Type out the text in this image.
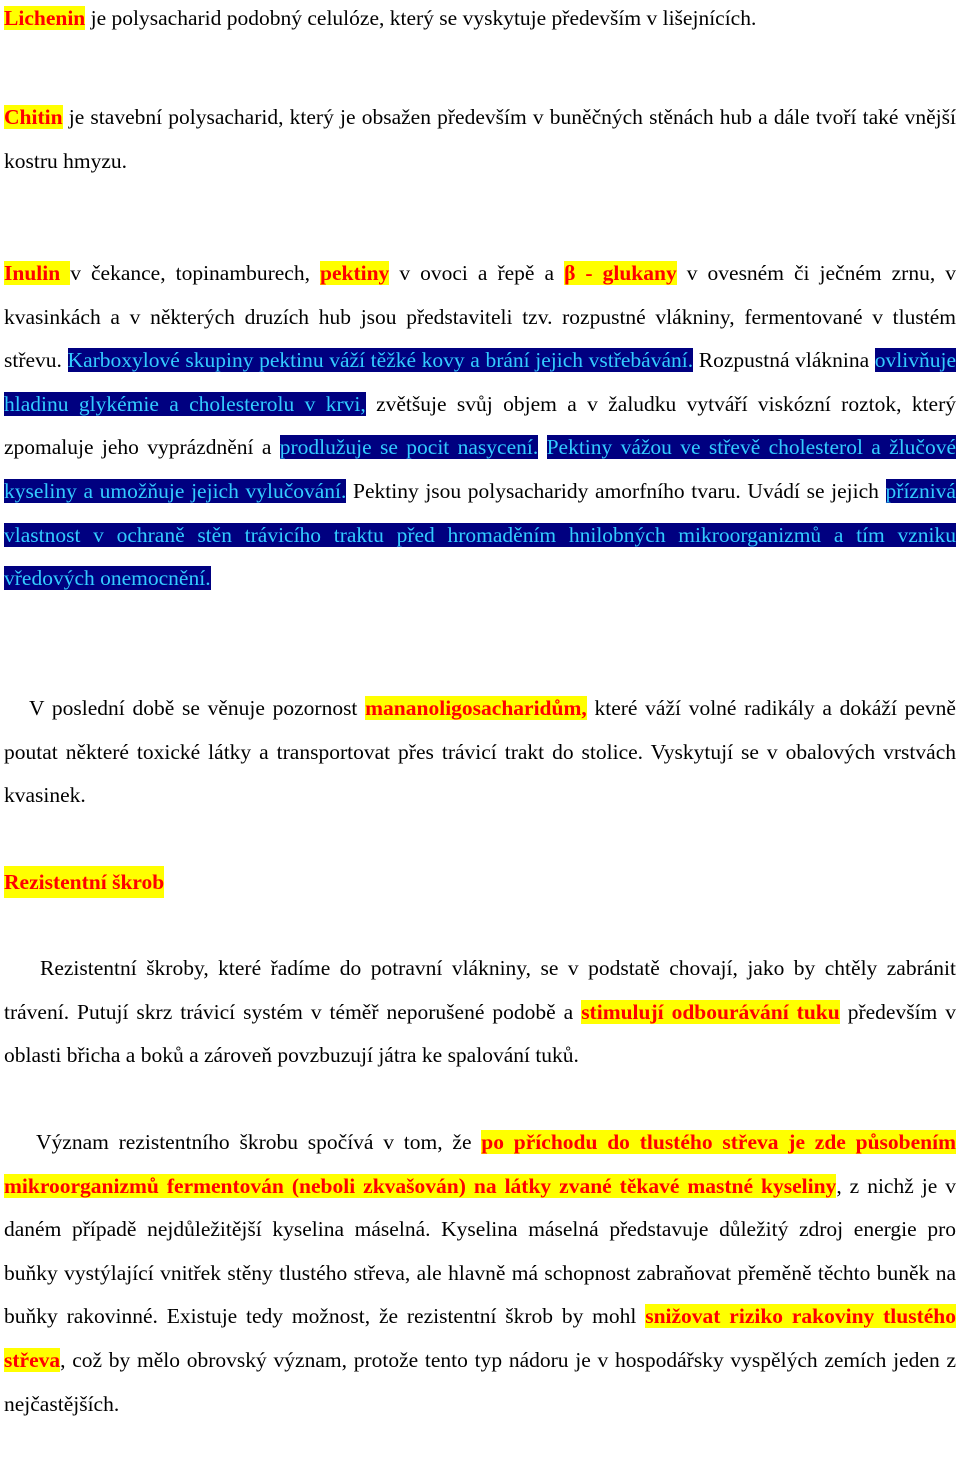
Lichenin je polysacharid podobný celulóze, který se vyskytuje především v lišejnících.

Chitin je stavební polysacharid, který je obsažen především v buněčných stěnách hub a dále tvoří také vnější kostru hmyzu.

Inulin v čekance, topinamburech, pektiny v ovoci a řepě a β - glukany v ovesném či ječném zrnu, v kvasinkách a v některých druzích hub jsou představiteli tzv. rozpustné vlákniny, fermentované v tlustém střevu. Karboxylové skupiny pektinu váží těžké kovy a brání jejich vstřebávání. Rozpustná vláknina ovlivňuje hladinu glykémie a cholesterolu v krvi, zvětšuje svůj objem a v žaludku vytváří viskózní roztok, který zpomaluje jeho vyprázdnění a prodlužuje se pocit nasycení. Pektiny vážou ve střevě cholesterol a žlučové kyseliny a umožňuje jejich vylučování. Pektiny jsou polysacharidy amorfního tvaru. Uvádí se jejich příznivá vlastnost v ochraně stěn trávicího traktu před hromaděním hnilobných mikroorganizmů a tím vzniku vředových onemocnění.

V poslední době se věnuje pozornost mananoligosacharidům, které váží volné radikály a dokáží pevně poutat některé toxické látky a transportovat přes trávicí trakt do stolice. Vyskytují se v obalových vrstvách kvasinek.

Rezistentní škrob

Rezistentní škroby, které řadíme do potravní vlákniny, se v podstatě chovají, jako by chtěly zabránit trávení. Putují skrz trávicí systém v téměř neporušené podobě a stimulují odbourávání tuku především v oblasti břicha a boků a zároveň povzbuzují játra ke spalování tuků.

Význam rezistentního škrobu spočívá v tom, že po příchodu do tlustého střeva je zde působením mikroorganizmů fermentován (neboli zkvašován) na látky zvané těkavé mastné kyseliny, z nichž je v daném případě nejdůležitější kyselina máselná. Kyselina máselná představuje důležitý zdroj energie pro buňky vystýlající vnitřek stěny tlustého střeva, ale hlavně má schopnost zabraňovat přeměně těchto buněk na buňky rakovinné. Existuje tedy možnost, že rezistentní škrob by mohl snižovat riziko rakoviny tlustého střeva, což by mělo obrovský význam, protože tento typ nádoru je v hospodářsky vyspělých zemích jeden z nejčastějších.
